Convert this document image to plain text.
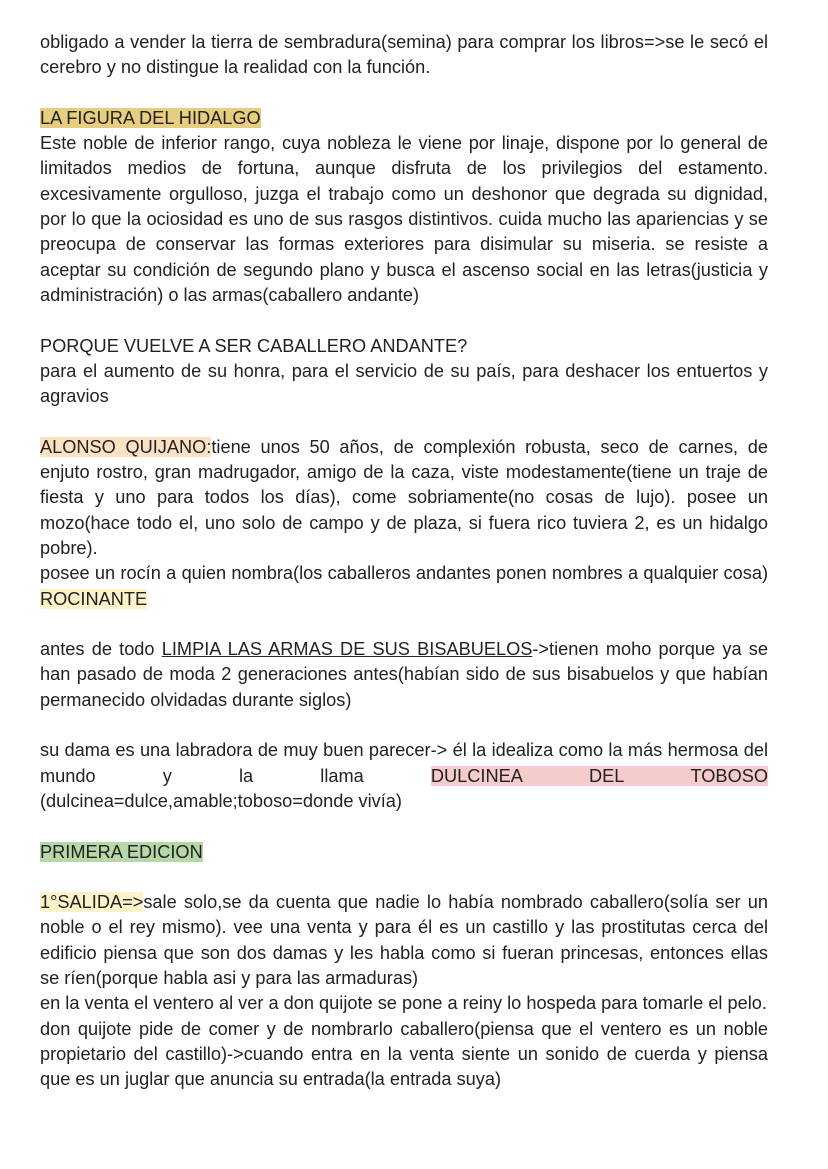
obligado a vender la tierra de sembradura(semina) para comprar los libros=>se le secó el cerebro y no distingue la realidad con la función.

LA FIGURA DEL HIDALGO

Este noble de inferior rango, cuya nobleza le viene por linaje, dispone por lo general de limitados medios de fortuna, aunque disfruta de los privilegios del estamento. excesivamente orgulloso, juzga el trabajo como un deshonor que degrada su dignidad, por lo que la ociosidad es uno de sus rasgos distintivos. cuida mucho las apariencias y se preocupa de conservar las formas exteriores para disimular su miseria. se resiste a aceptar su condición de segundo plano y busca el ascenso social en las letras(justicia y administración) o las armas(caballero andante)

PORQUE VUELVE A SER CABALLERO ANDANTE?

para el aumento de su honra, para el servicio de su país, para deshacer los entuertos y agravios

ALONSO QUIJANO:tiene unos 50 años, de complexión robusta, seco de carnes, de enjuto rostro, gran madrugador, amigo de la caza, viste modestamente(tiene un traje de fiesta y uno para todos los días), come sobriamente(no cosas de lujo). posee un mozo(hace todo el, uno solo de campo y de plaza, si fuera rico tuviera 2, es un hidalgo pobre).

posee un rocín a quien nombra(los caballeros andantes ponen nombres a qualquier cosa) ROCINANTE

antes de todo LIMPIA LAS ARMAS DE SUS BISABUELOS->tienen moho porque ya se han pasado de moda 2 generaciones antes(habían sido de sus bisabuelos y que habían permanecido olvidadas durante siglos)

su dama es una labradora de muy buen parecer-> él la idealiza como la más hermosa del mundo y la llama DULCINEA DEL TOBOSO

(dulcinea=dulce,amable;toboso=donde vivía)

PRIMERA EDICION

1°SALIDA=>sale solo,se da cuenta que nadie lo había nombrado caballero(solía ser un noble o el rey mismo). vee una venta y para él es un castillo y las prostitutas cerca del edificio piensa que son dos damas y les habla como si fueran princesas, entonces ellas se ríen(porque habla asi y para las armaduras)

en la venta el ventero al ver a don quijote se pone a reiny lo hospeda para tomarle el pelo.

don quijote pide de comer y de nombrarlo caballero(piensa que el ventero es un noble propietario del castillo)->cuando entra en la venta siente un sonido de cuerda y piensa que es un juglar que anuncia su entrada(la entrada suya)
